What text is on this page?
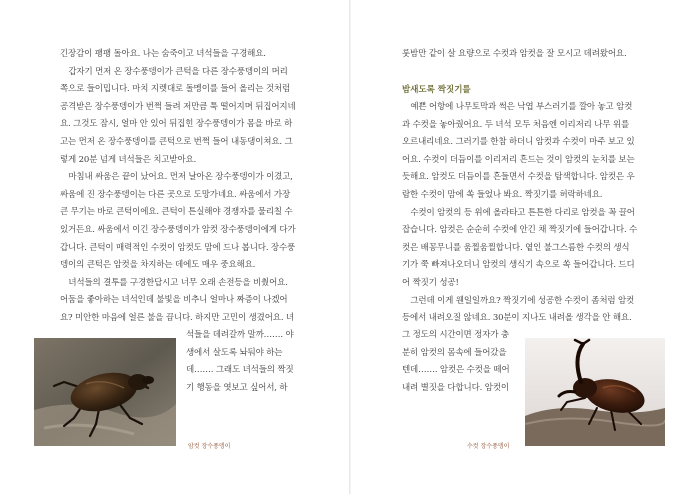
긴장감이 팽팽 돌아요. 나는 숨죽이고 녀석들을 구경해요.
　갑자기 먼저 온 장수풍뎅이가 큰턱을 다른 장수풍뎅이의 머리
쪽으로 들이밉니다. 마치 지렛대로 돌멩이를 들어 올리는 것처럼
공격받은 장수풍뎅이가 번쩍 들려 저만큼 툭 떨어지며 뒤집어지네
요. 그것도 잠시, 얼마 안 있어 뒤집힌 장수풍뎅이가 몸을 바로 하
고는 먼저 온 장수풍뎅이를 큰턱으로 번쩍 들어 내동댕이쳐요. 그
렇게 20분 넘게 녀석들은 치고받아요.
　마침내 싸움은 끝이 났어요. 먼저 날아온 장수풍뎅이가 이겼고,
싸움에 진 장수풍뎅이는 다른 곳으로 도망가네요. 싸움에서 가장
큰 무기는 바로 큰턱이에요. 큰턱이 튼실해야 경쟁자를 물리칠 수
있거든요. 싸움에서 이긴 장수풍뎅이가 암컷 장수풍뎅이에게 다가
갑니다. 큰턱이 매력적인 수컷이 암컷도 맘에 드나 봅니다. 장수풍
뎅이의 큰턱은 암컷을 차지하는 데에도 매우 중요해요.
　녀석들의 결투를 구경한답시고 너무 오래 손전등을 비췄어요.
어둠을 좋아하는 녀석인데 불빛을 비추니 얼마나 짜증이 나겠어
요? 미안한 마음에 얼른 불을 끕니다. 하지만 고민이 생겼어요. 녀
석들을 데려갈까 말까……. 야
생에서 살도록 놔둬야 하는
데……. 그래도 녀석들의 짝짓
기 행동을 엿보고 싶어서, 하
암컷 장수풍뎅이
룻밤만 같이 살 요량으로 수컷과 암컷을 잘 모시고 데려왔어요.
밤새도록 짝짓기를
　예쁜 어항에 나무토막과 썩은 낙엽 부스러기를 깔아 놓고 암컷
과 수컷을 놓아줬어요. 두 녀석 모두 처음엔 이리저리 나무 위를
오르내리네요. 그러기를 한참 하더니 암컷과 수컷이 마주 보고 있
어요. 수컷이 더듬이를 이리저리 흔드는 것이 암컷의 눈치를 보는
듯해요. 암컷도 더듬이를 흔들면서 수컷을 탐색합니다. 암컷은 우
람한 수컷이 맘에 쏙 들었나 봐요. 짝짓기를 허락하네요.
　수컷이 암컷의 등 위에 올라타고 튼튼한 다리로 암컷을 꼭 끌어
잡습니다. 암컷은 순순히 수컷에 안긴 채 짝짓기에 들어갑니다. 수
컷은 배꽁무니를 움찔움찔합니다. 옅인 불그스름한 수컷의 생식
기가 쭉 빠져나오더니 암컷의 생식기 속으로 쏙 들어갑니다. 드디
어 짝짓기 성공!
　그런데 이게 웬일일까요? 짝짓기에 성공한 수컷이 좀처럼 암컷
등에서 내려오질 않네요. 30분이 지나도 내려올 생각을 안 해요.
그 정도의 시간이면 정자가 충
분히 암컷의 몸속에 들어갔을
텐데……. 암컷은 수컷을 떼어
내려 별짓을 다합니다. 암컷이
수컷 장수풍뎅이
